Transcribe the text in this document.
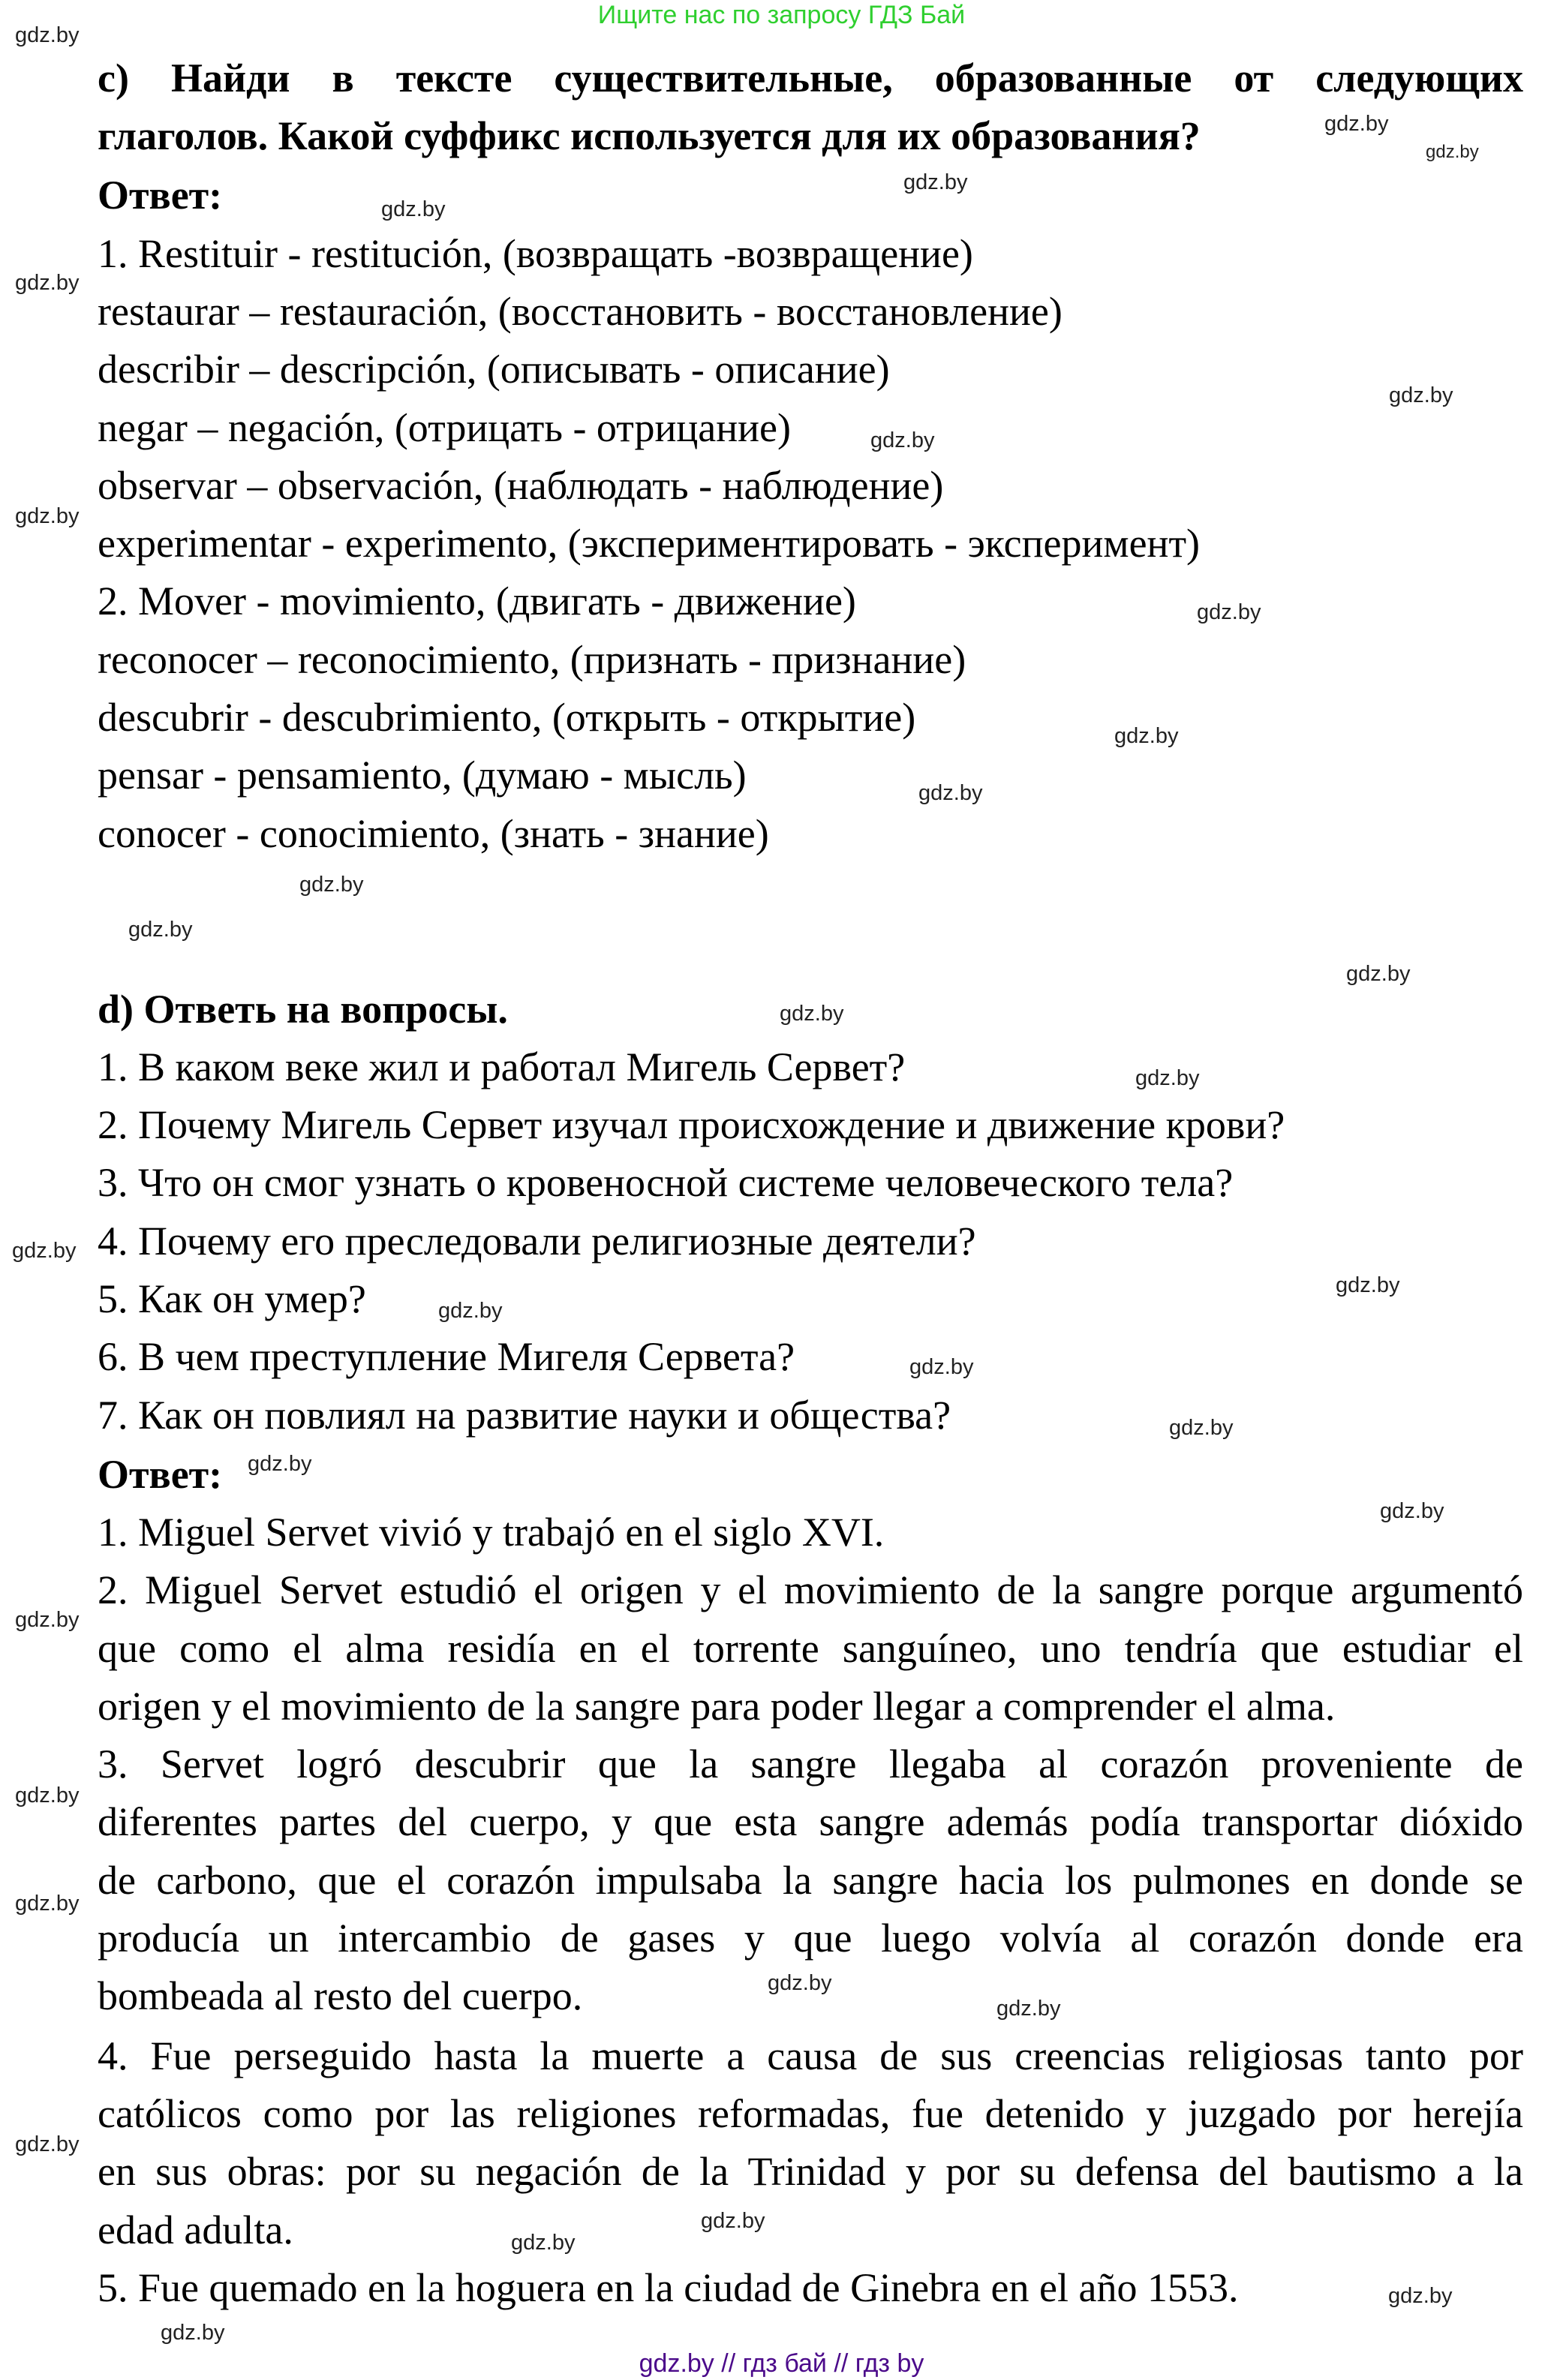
Ищите нас по запросу ГДЗ Бай
c) Найди в тексте существительные, образованные от следующих
глаголов. Какой суффикс используется для их образования?
Ответ:
1. Restituir - restitución, (возвращать -возвращение)
restaurar – restauración, (восстановить - восстановление)
describir – descripción, (описывать - описание)
negar – negación, (отрицать - отрицание)
observar – observación, (наблюдать - наблюдение)
experimentar - experimento, (экспериментировать - эксперимент)
2. Mover - movimiento, (двигать - движение)
reconocer – reconocimiento, (признать - признание)
descubrir - descubrimiento, (открыть - открытие)
pensar - pensamiento, (думаю - мысль)
conocer - conocimiento, (знать - знание)
d) Ответь на вопросы.
1. В каком веке жил и работал Мигель Сервет?
2. Почему Мигель Сервет изучал происхождение и движение крови?
3. Что он смог узнать о кровеносной системе человеческого тела?
4. Почему его преследовали религиозные деятели?
5. Как он умер?
6. В чем преступление Мигеля Сервета?
7. Как он повлиял на развитие науки и общества?
Ответ:
1. Miguel Servet vivió y trabajó en el siglo XVI.
2. Miguel Servet estudió el origen y el movimiento de la sangre porque argumentó
que como el alma residía en el torrente sanguíneo, uno tendría que estudiar el
origen y el movimiento de la sangre para poder llegar a comprender el alma.
3. Servet logró descubrir que la sangre llegaba al corazón proveniente de
diferentes partes del cuerpo, y que esta sangre además podía transportar dióxido
de carbono, que el corazón impulsaba la sangre hacia los pulmones en donde se
producía un intercambio de gases y que luego volvía al corazón donde era
bombeada al resto del cuerpo.
4. Fue perseguido hasta la muerte a causa de sus creencias religiosas tanto por
católicos como por las religiones reformadas, fue detenido y juzgado por herejía
en sus obras: por su negación de la Trinidad y por su defensa del bautismo a la
edad adulta.
5. Fue quemado en la hoguera en la ciudad de Ginebra en el año 1553.
gdz.by
gdz.by
gdz.by
gdz.by
gdz.by
gdz.by
gdz.by
gdz.by
gdz.by
gdz.by
gdz.by
gdz.by
gdz.by
gdz.by
gdz.by
gdz.by
gdz.by
gdz.by
gdz.by
gdz.by
gdz.by
gdz.by
gdz.by
gdz.by
gdz.by
gdz.by
gdz.by
gdz.by
gdz.by
gdz.by
gdz.by
gdz.by
gdz.by
gdz.by
gdz.by // гдз бай // гдз by
